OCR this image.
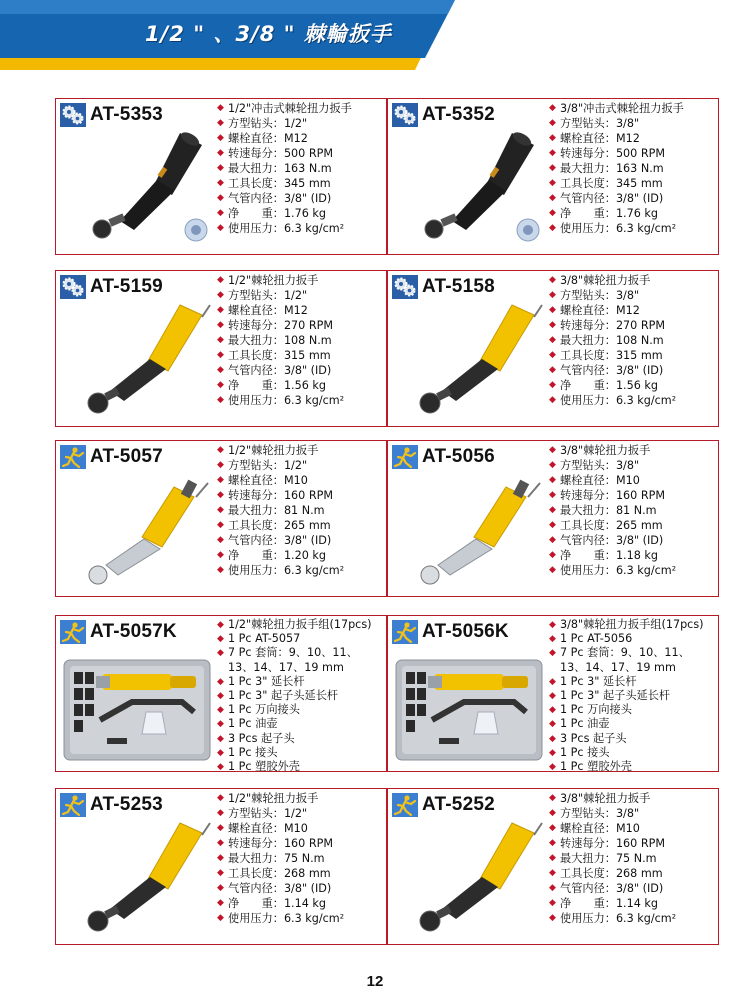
1/2 " 、3/8 " 棘輪扳手
AT-5353	◆ 1/2"冲击式棘轮扭力扳手
◆ 方型钻头：1/2"
◆ 螺栓直径：M12
◆ 转速每分：500 RPM
◆ 最大扭力：163 N.m
◆ 工具长度：345 mm
◆ 气管内径：3/8" (ID)
◆ 净　　重：1.76 kg
◆ 使用压力：6.3 kg/cm²
AT-5352	◆ 3/8"冲击式棘轮扭力扳手
◆ 方型钻头：3/8"
◆ 螺栓直径：M12
◆ 转速每分：500 RPM
◆ 最大扭力：163 N.m
◆ 工具长度：345 mm
◆ 气管内径：3/8" (ID)
◆ 净　　重：1.76 kg
◆ 使用压力：6.3 kg/cm²
AT-5159	◆ 1/2"棘轮扭力扳手
◆ 方型钻头：1/2"
◆ 螺栓直径：M12
◆ 转速每分：270 RPM
◆ 最大扭力：108 N.m
◆ 工具长度：315 mm
◆ 气管内径：3/8" (ID)
◆ 净　　重：1.56 kg
◆ 使用压力：6.3 kg/cm²
AT-5158	◆ 3/8"棘轮扭力扳手
◆ 方型钻头：3/8"
◆ 螺栓直径：M12
◆ 转速每分：270 RPM
◆ 最大扭力：108 N.m
◆ 工具长度：315 mm
◆ 气管内径：3/8" (ID)
◆ 净　　重：1.56 kg
◆ 使用压力：6.3 kg/cm²
AT-5057	◆ 1/2"棘轮扭力扳手
◆ 方型钻头：1/2"
◆ 螺栓直径：M10
◆ 转速每分：160 RPM
◆ 最大扭力：81 N.m
◆ 工具长度：265 mm
◆ 气管内径：3/8" (ID)
◆ 净　　重：1.20 kg
◆ 使用压力：6.3 kg/cm²
AT-5056	◆ 3/8"棘轮扭力扳手
◆ 方型钻头：3/8"
◆ 螺栓直径：M10
◆ 转速每分：160 RPM
◆ 最大扭力：81 N.m
◆ 工具长度：265 mm
◆ 气管内径：3/8" (ID)
◆ 净　　重：1.18 kg
◆ 使用压力：6.3 kg/cm²
AT-5057K	◆ 1/2"棘轮扭力扳手组(17pcs)
◆ 1 Pc AT-5057
◆ 7 Pc 套筒：9、10、11、
13、14、17、19 mm
◆ 1 Pc 3" 延长杆
◆ 1 Pc 3" 起子头延长杆
◆ 1 Pc 万向接头
◆ 1 Pc 油壶
◆ 3 Pcs 起子头
◆ 1 Pc 接头
◆ 1 Pc 塑胶外壳
AT-5056K	◆ 3/8"棘轮扭力扳手组(17pcs)
◆ 1 Pc AT-5056
◆ 7 Pc 套筒：9、10、11、
13、14、17、19 mm
◆ 1 Pc 3" 延长杆
◆ 1 Pc 3" 起子头延长杆
◆ 1 Pc 万向接头
◆ 1 Pc 油壶
◆ 3 Pcs 起子头
◆ 1 Pc 接头
◆ 1 Pc 塑胶外壳
AT-5253	◆ 1/2"棘轮扭力扳手
◆ 方型钻头：1/2"
◆ 螺栓直径：M10
◆ 转速每分：160 RPM
◆ 最大扭力：75 N.m
◆ 工具长度：268 mm
◆ 气管内径：3/8" (ID)
◆ 净　　重：1.14 kg
◆ 使用压力：6.3 kg/cm²
AT-5252	◆ 3/8"棘轮扭力扳手
◆ 方型钻头：3/8"
◆ 螺栓直径：M10
◆ 转速每分：160 RPM
◆ 最大扭力：75 N.m
◆ 工具长度：268 mm
◆ 气管内径：3/8" (ID)
◆ 净　　重：1.14 kg
◆ 使用压力：6.3 kg/cm²
12
